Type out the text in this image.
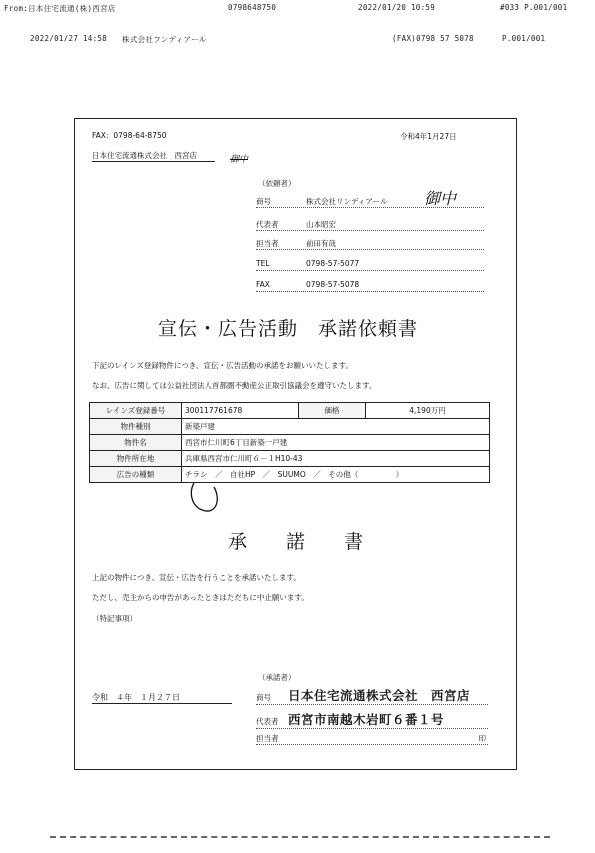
From:日本住宅流通(株)西宮店	0798648750	2022/01/20 10:59	#033 P.001/001
2022/01/27 14:58 株式会社フンディアール	(FAX)0798 57 5078	P.001/001
FAX：0798-64-8750	令和4年1月27日
日本住宅流通株式会社　西宮店	御中
（依頼者）
商号	株式会社リンディアール 御中
代表者	山本昭宏
担当者	前田有哉
TEL	0798-57-5077
FAX	0798-57-5078
宣伝・広告活動　承諾依頼書
下記のレインズ登録物件につき、宣伝・広告活動の承諾をお願いいたします。
なお、広告に関しては公益社団法人首都圏不動産公正取引協議会を遵守いたします。
レインズ登録番号	300117761678	価格	4,190万円
物件種別	新築戸建		
物件名	西宮市仁川町6丁目新築一戸建		
物件所在地	兵庫県西宮市仁川町６－１H10-43		
広告の種類	チラシ　／　自社HP　／　SUUMO　／　その他（　　　　　）		
承　諾　書
上記の物件につき、宣伝・広告を行うことを承諾いたします。
ただし、売主からの申告があったときはただちに中止願います。
（特記事項）
（承諾者）
令和　４年　１月２７日	商号 日本住宅流通株式会社　西宮店
代表者 西宮市南越木岩町６番１号
担当者	印
